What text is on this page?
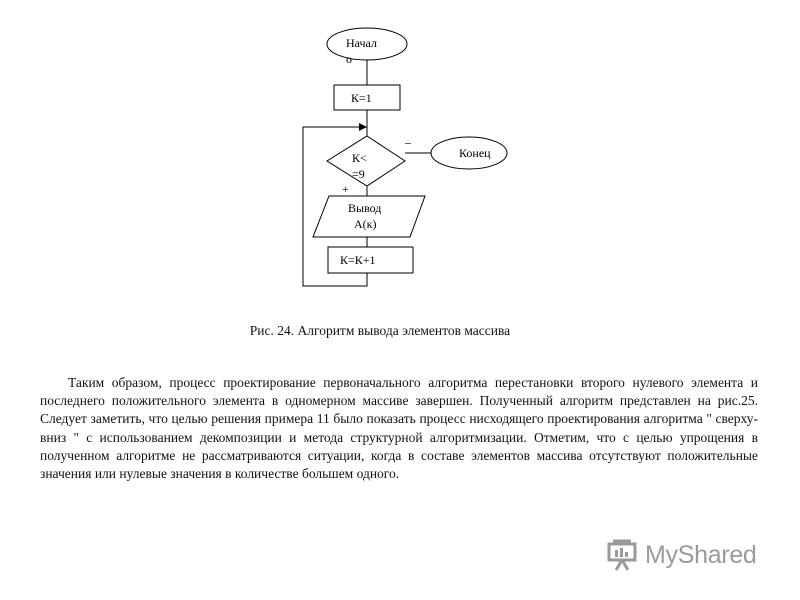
Начал
о
К=1
К<
=9
–
+
Конец
Вывод
А(к)
К=К+1
Рис. 24. Алгоритм вывода элементов массива

Таким образом, процесс проектирование первоначального алгоритма перестановки второго нулевого элемента и последнего положительного элемента в одномерном массиве завершен. Полученный алгоритм представлен на рис.25. Следует заметить, что целью решения примера 11 было показать процесс нисходящего проектирования алгоритма " сверху-вниз " с использованием декомпозиции и метода структурной алгоритмизации. Отметим, что с целью упрощения в полученном алгоритме не рассматриваются ситуации, когда в составе элементов массива отсутствуют положительные значения или нулевые значения в количестве большем одного.

MyShared
